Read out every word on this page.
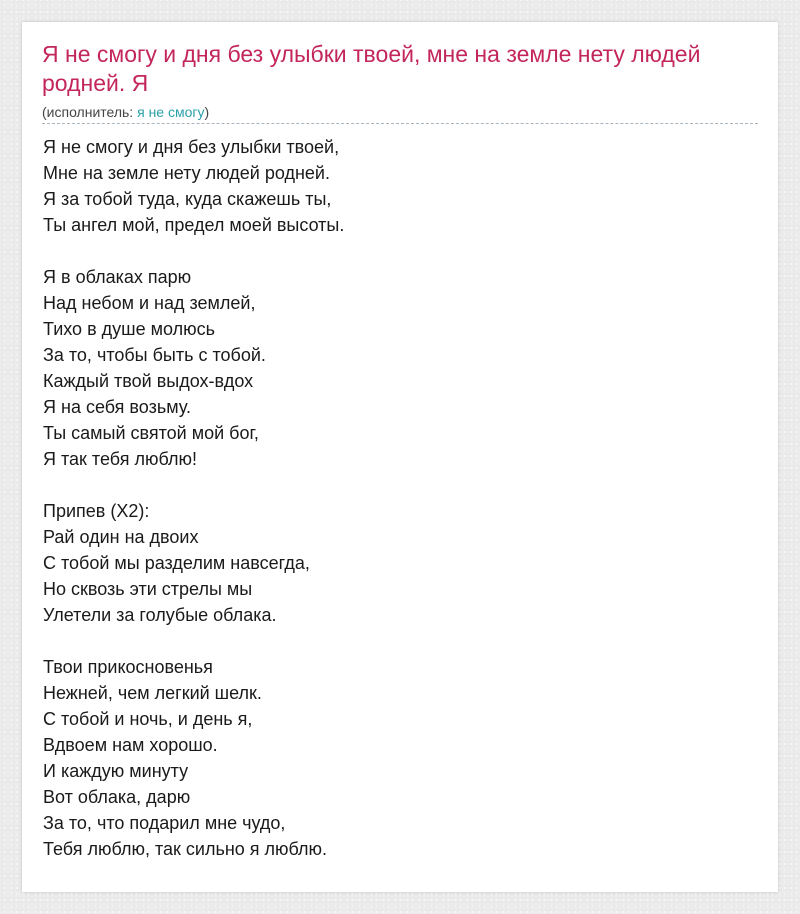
Я не смогу и дня без улыбки твоей, мне на земле нету людей родней. Я
(исполнитель: я не смогу)
Я не смогу и дня без улыбки твоей,
Мне на земле нету людей родней.
Я за тобой туда, куда скажешь ты,
Ты ангел мой, предел моей высоты.
Я в облаках парю
Над небом и над землей,
Тихо в душе молюсь
За то, чтобы быть с тобой.
Каждый твой выдох-вдох
Я на себя возьму.
Ты самый святой мой бог,
Я так тебя люблю!
Припев (X2):
Рай один на двоих
С тобой мы разделим навсегда,
Но сквозь эти стрелы мы
Улетели за голубые облака.
Твои прикосновенья
Нежней, чем легкий шелк.
С тобой и ночь, и день я,
Вдвоем нам хорошо.
И каждую минуту
Вот облака, дарю
За то, что подарил мне чудо,
Тебя люблю, так сильно я люблю.
